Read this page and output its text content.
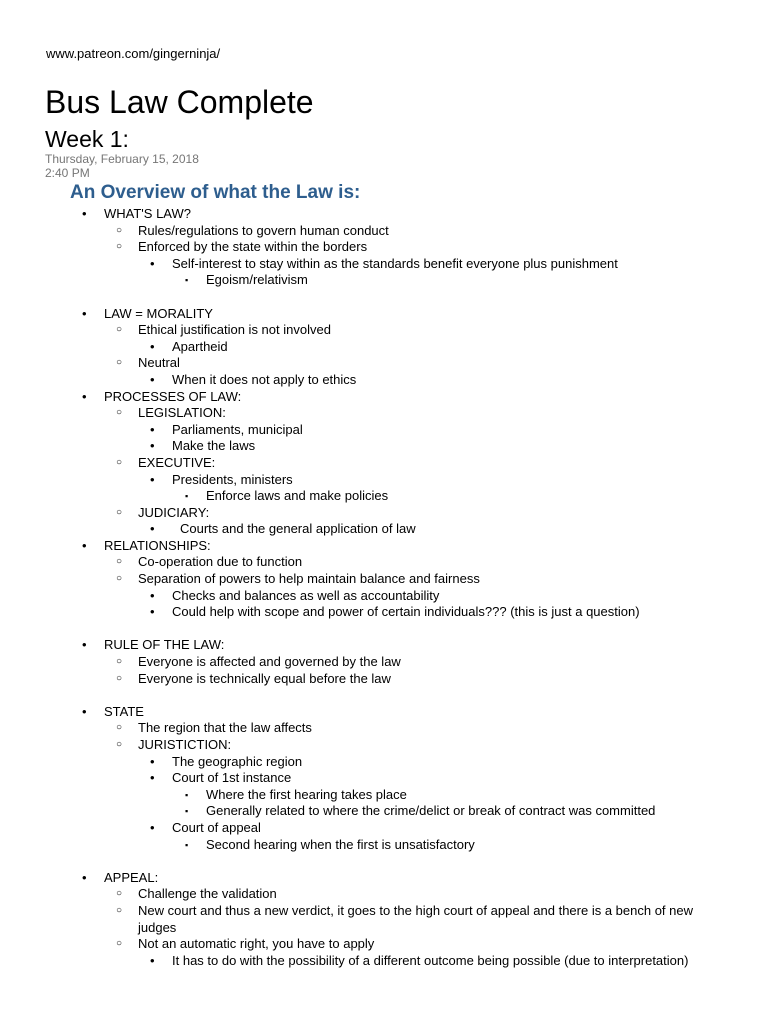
www.patreon.com/gingerninja/
Bus Law Complete
Week 1:
Thursday, February 15, 2018
2:40 PM
An Overview of what the Law is:
• WHAT'S LAW?
○ Rules/regulations to govern human conduct
○ Enforced by the state within the borders
• Self-interest to stay within as the standards benefit everyone plus punishment
▪ Egoism/relativism
• LAW = MORALITY
○ Ethical justification is not involved
• Apartheid
○ Neutral
• When it does not apply to ethics
• PROCESSES OF LAW:
○ LEGISLATION:
• Parliaments, municipal
• Make the laws
○ EXECUTIVE:
• Presidents, ministers
▪ Enforce laws and make policies
○ JUDICIARY:
• Courts and the general application of law
• RELATIONSHIPS:
○ Co-operation due to function
○ Separation of powers to help maintain balance and fairness
• Checks and balances as well as accountability
• Could help with scope and power of certain individuals??? (this is just a question)
• RULE OF THE LAW:
○ Everyone is affected and governed by the law
○ Everyone is technically equal before the law
• STATE
○ The region that the law affects
○ JURISTICTION:
• The geographic region
• Court of 1st instance
▪ Where the first hearing takes place
▪ Generally related to where the crime/delict or break of contract was committed
• Court of appeal
▪ Second hearing when the first is unsatisfactory
• APPEAL:
○ Challenge the validation
○ New court and thus a new verdict, it goes to the high court of appeal and there is a bench of new judges
○ Not an automatic right, you have to apply
• It has to do with the possibility of a different outcome being possible (due to interpretation)
